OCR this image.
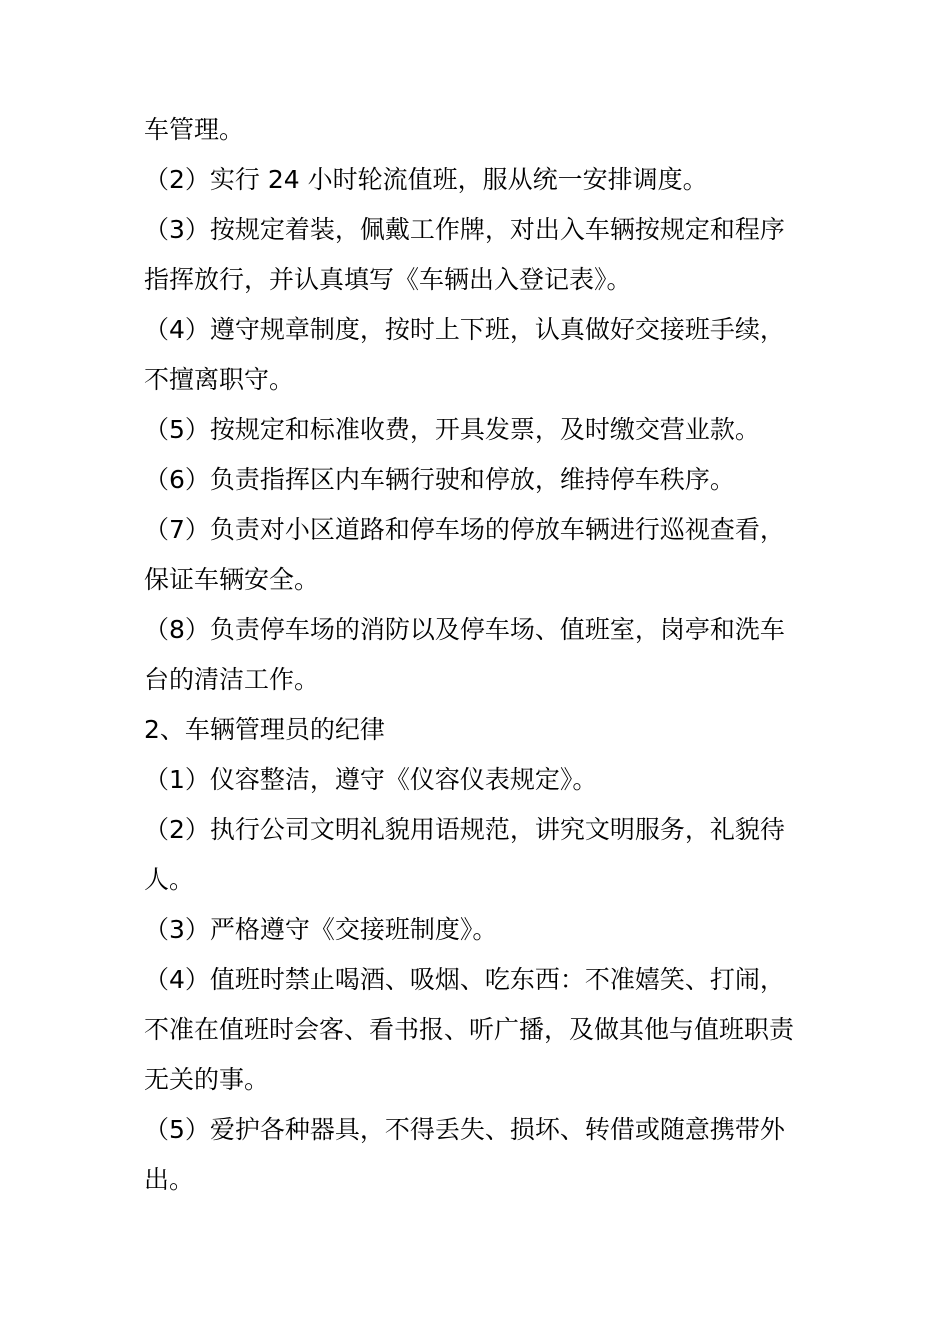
车管理。
（2）实行 24 小时轮流值班，服从统一安排调度。
（3）按规定着装，佩戴工作牌，对出入车辆按规定和程序
指挥放行，并认真填写《车辆出入登记表》。
（4）遵守规章制度，按时上下班，认真做好交接班手续，
不擅离职守。
（5）按规定和标准收费，开具发票，及时缴交营业款。
（6）负责指挥区内车辆行驶和停放，维持停车秩序。
（7）负责对小区道路和停车场的停放车辆进行巡视查看，
保证车辆安全。
（8）负责停车场的消防以及停车场、值班室，岗亭和洗车
台的清洁工作。
2、车辆管理员的纪律
（1）仪容整洁，遵守《仪容仪表规定》。
（2）执行公司文明礼貌用语规范，讲究文明服务，礼貌待
人。
（3）严格遵守《交接班制度》。
（4）值班时禁止喝酒、吸烟、吃东西：不准嬉笑、打闹，
不准在值班时会客、看书报、听广播，及做其他与值班职责
无关的事。
（5）爱护各种器具，不得丢失、损坏、转借或随意携带外
出。
